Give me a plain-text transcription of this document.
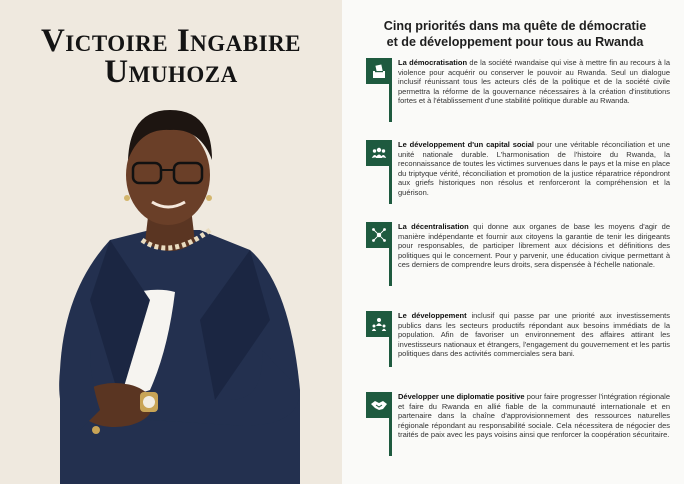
Victoire Ingabire
Umuhoza
Cinq priorités dans ma quête de démocratie
et de développement pour tous au Rwanda
La démocratisation de la société rwandaise qui vise à mettre fin au recours à la violence pour acquérir ou conserver le pouvoir au Rwanda. Seul un dialogue inclusif réunissant tous les acteurs clés de la politique et de la société civile permettra la réforme de la gouvernance nécessaires à la création d'institutions fortes et à l'établissement d'une stabilité politique durable au Rwanda.
Le développement d'un capital social pour une véritable réconciliation et une unité nationale durable. L'harmonisation de l'histoire du Rwanda, la reconnaissance de toutes les victimes survenues dans le pays et la mise en place du triptyque vérité, réconciliation et promotion de la justice réparatrice répondront aux griefs historiques non résolus et renforceront la compréhension et la guérison.
La décentralisation qui donne aux organes de base les moyens d'agir de manière indépendante et fournir aux citoyens la garantie de tenir les dirigeants pour responsables, de participer librement aux décisions et définitions des politiques qui le concernent. Pour y parvenir, une éducation civique permettant à ces derniers de comprendre leurs droits, sera dispensée à l'échelle nationale.
Le développement inclusif qui passe par une priorité aux investissements publics dans les secteurs productifs répondant aux besoins immédiats de la population. Afin de favoriser un environnement des affaires attirant les investisseurs nationaux et étrangers, l'engagement du gouvernement et les partis politiques dans des activités commerciales sera bani.
Développer une diplomatie positive pour faire progresser l'intégration régionale et faire du Rwanda en allié fiable de la communauté internationale et en partenaire dans la chaîne d'approvisionnement des ressources naturelles régionale répondant au responsabilité sociale. Cela nécessitera de négocier des traités de paix avec les pays voisins ainsi que renforcer la coopération sécuritaire.
